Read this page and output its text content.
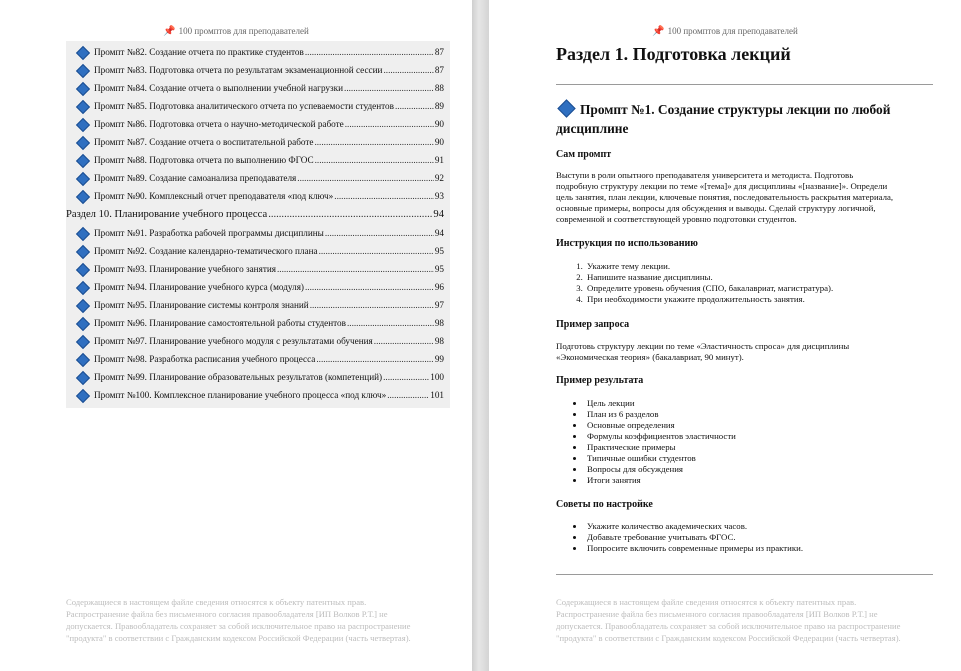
📌 100 промптов для преподавателей
Промпт №82. Создание отчета по практике студентов .....	87
Промпт №83. Подготовка отчета по результатам экзаменационной сессии .....	87
Промпт №84. Создание отчета о выполнении учебной нагрузки .....	88
Промпт №85. Подготовка аналитического отчета по успеваемости студентов .....	89
Промпт №86. Подготовка отчета о научно-методической работе .....	90
Промпт №87. Создание отчета о воспитательной работе .....	90
Промпт №88. Подготовка отчета по выполнению ФГОС .....	91
Промпт №89. Создание самоанализа преподавателя .....	92
Промпт №90. Комплексный отчет преподавателя «под ключ» .....	93
Раздел 10. Планирование учебного процесса .....	94
Промпт №91. Разработка рабочей программы дисциплины .....	94
Промпт №92. Создание календарно-тематического плана .....	95
Промпт №93. Планирование учебного занятия .....	95
Промпт №94. Планирование учебного курса (модуля) .....	96
Промпт №95. Планирование системы контроля знаний .....	97
Промпт №96. Планирование самостоятельной работы студентов .....	98
Промпт №97. Планирование учебного модуля с результатами обучения .....	98
Промпт №98. Разработка расписания учебного процесса .....	99
Промпт №99. Планирование образовательных результатов (компетенций) .....	100
Промпт №100. Комплексное планирование учебного процесса «под ключ» .....	101
Содержащиеся в настоящем файле сведения относятся к объекту патентных прав.
Распространение файла без письменного согласия правообладателя [ИП Волков Р.Т.] не
допускается. Правообладатель сохраняет за собой исключительное право на распространение
"продукта" в соответствии с Гражданским кодексом Российской Федерации (часть четвертая).
📌 100 промптов для преподавателей
Раздел 1. Подготовка лекций
Промпт №1. Создание структуры лекции по любой дисциплине
Сам промпт
Выступи в роли опытного преподавателя университета и методиста. Подготовь
подробную структуру лекции по теме «[тема]» для дисциплины «[название]». Определи
цель занятия, план лекции, ключевые понятия, последовательность раскрытия материала,
основные примеры, вопросы для обсуждения и выводы. Сделай структуру логичной,
современной и соответствующей уровню подготовки студентов.
Инструкция по использованию
1. Укажите тему лекции.
2. Напишите название дисциплины.
3. Определите уровень обучения (СПО, бакалавриат, магистратура).
4. При необходимости укажите продолжительность занятия.
Пример запроса
Подготовь структуру лекции по теме «Эластичность спроса» для дисциплины
«Экономическая теория» (бакалавриат, 90 минут).
Пример результата
• Цель лекции
• План из 6 разделов
• Основные определения
• Формулы коэффициентов эластичности
• Практические примеры
• Типичные ошибки студентов
• Вопросы для обсуждения
• Итоги занятия
Советы по настройке
• Укажите количество академических часов.
• Добавьте требование учитывать ФГОС.
• Попросите включить современные примеры из практики.
Содержащиеся в настоящем файле сведения относятся к объекту патентных прав.
Распространение файла без письменного согласия правообладателя [ИП Волков Р.Т.] не
допускается. Правообладатель сохраняет за собой исключительное право на распространение
"продукта" в соответствии с Гражданским кодексом Российской Федерации (часть четвертая).
